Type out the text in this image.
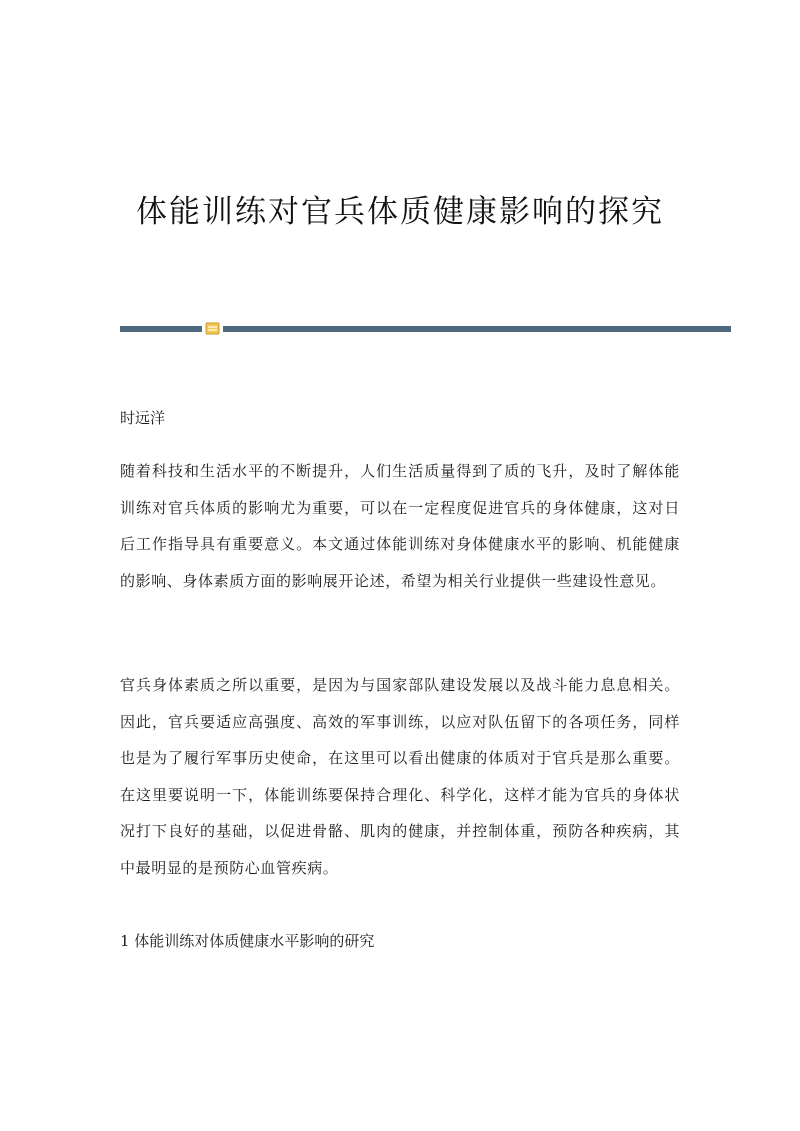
体能训练对官兵体质健康影响的探究

时远洋

随着科技和生活水平的不断提升，人们生活质量得到了质的飞升，及时了解体能训练对官兵体质的影响尤为重要，可以在一定程度促进官兵的身体健康，这对日后工作指导具有重要意义。本文通过体能训练对身体健康水平的影响、机能健康的影响、身体素质方面的影响展开论述，希望为相关行业提供一些建设性意见。

官兵身体素质之所以重要，是因为与国家部队建设发展以及战斗能力息息相关。因此，官兵要适应高强度、高效的军事训练，以应对队伍留下的各项任务，同样也是为了履行军事历史使命，在这里可以看出健康的体质对于官兵是那么重要。在这里要说明一下，体能训练要保持合理化、科学化，这样才能为官兵的身体状况打下良好的基础，以促进骨骼、肌肉的健康，并控制体重，预防各种疾病，其中最明显的是预防心血管疾病。

1 体能训练对体质健康水平影响的研究
